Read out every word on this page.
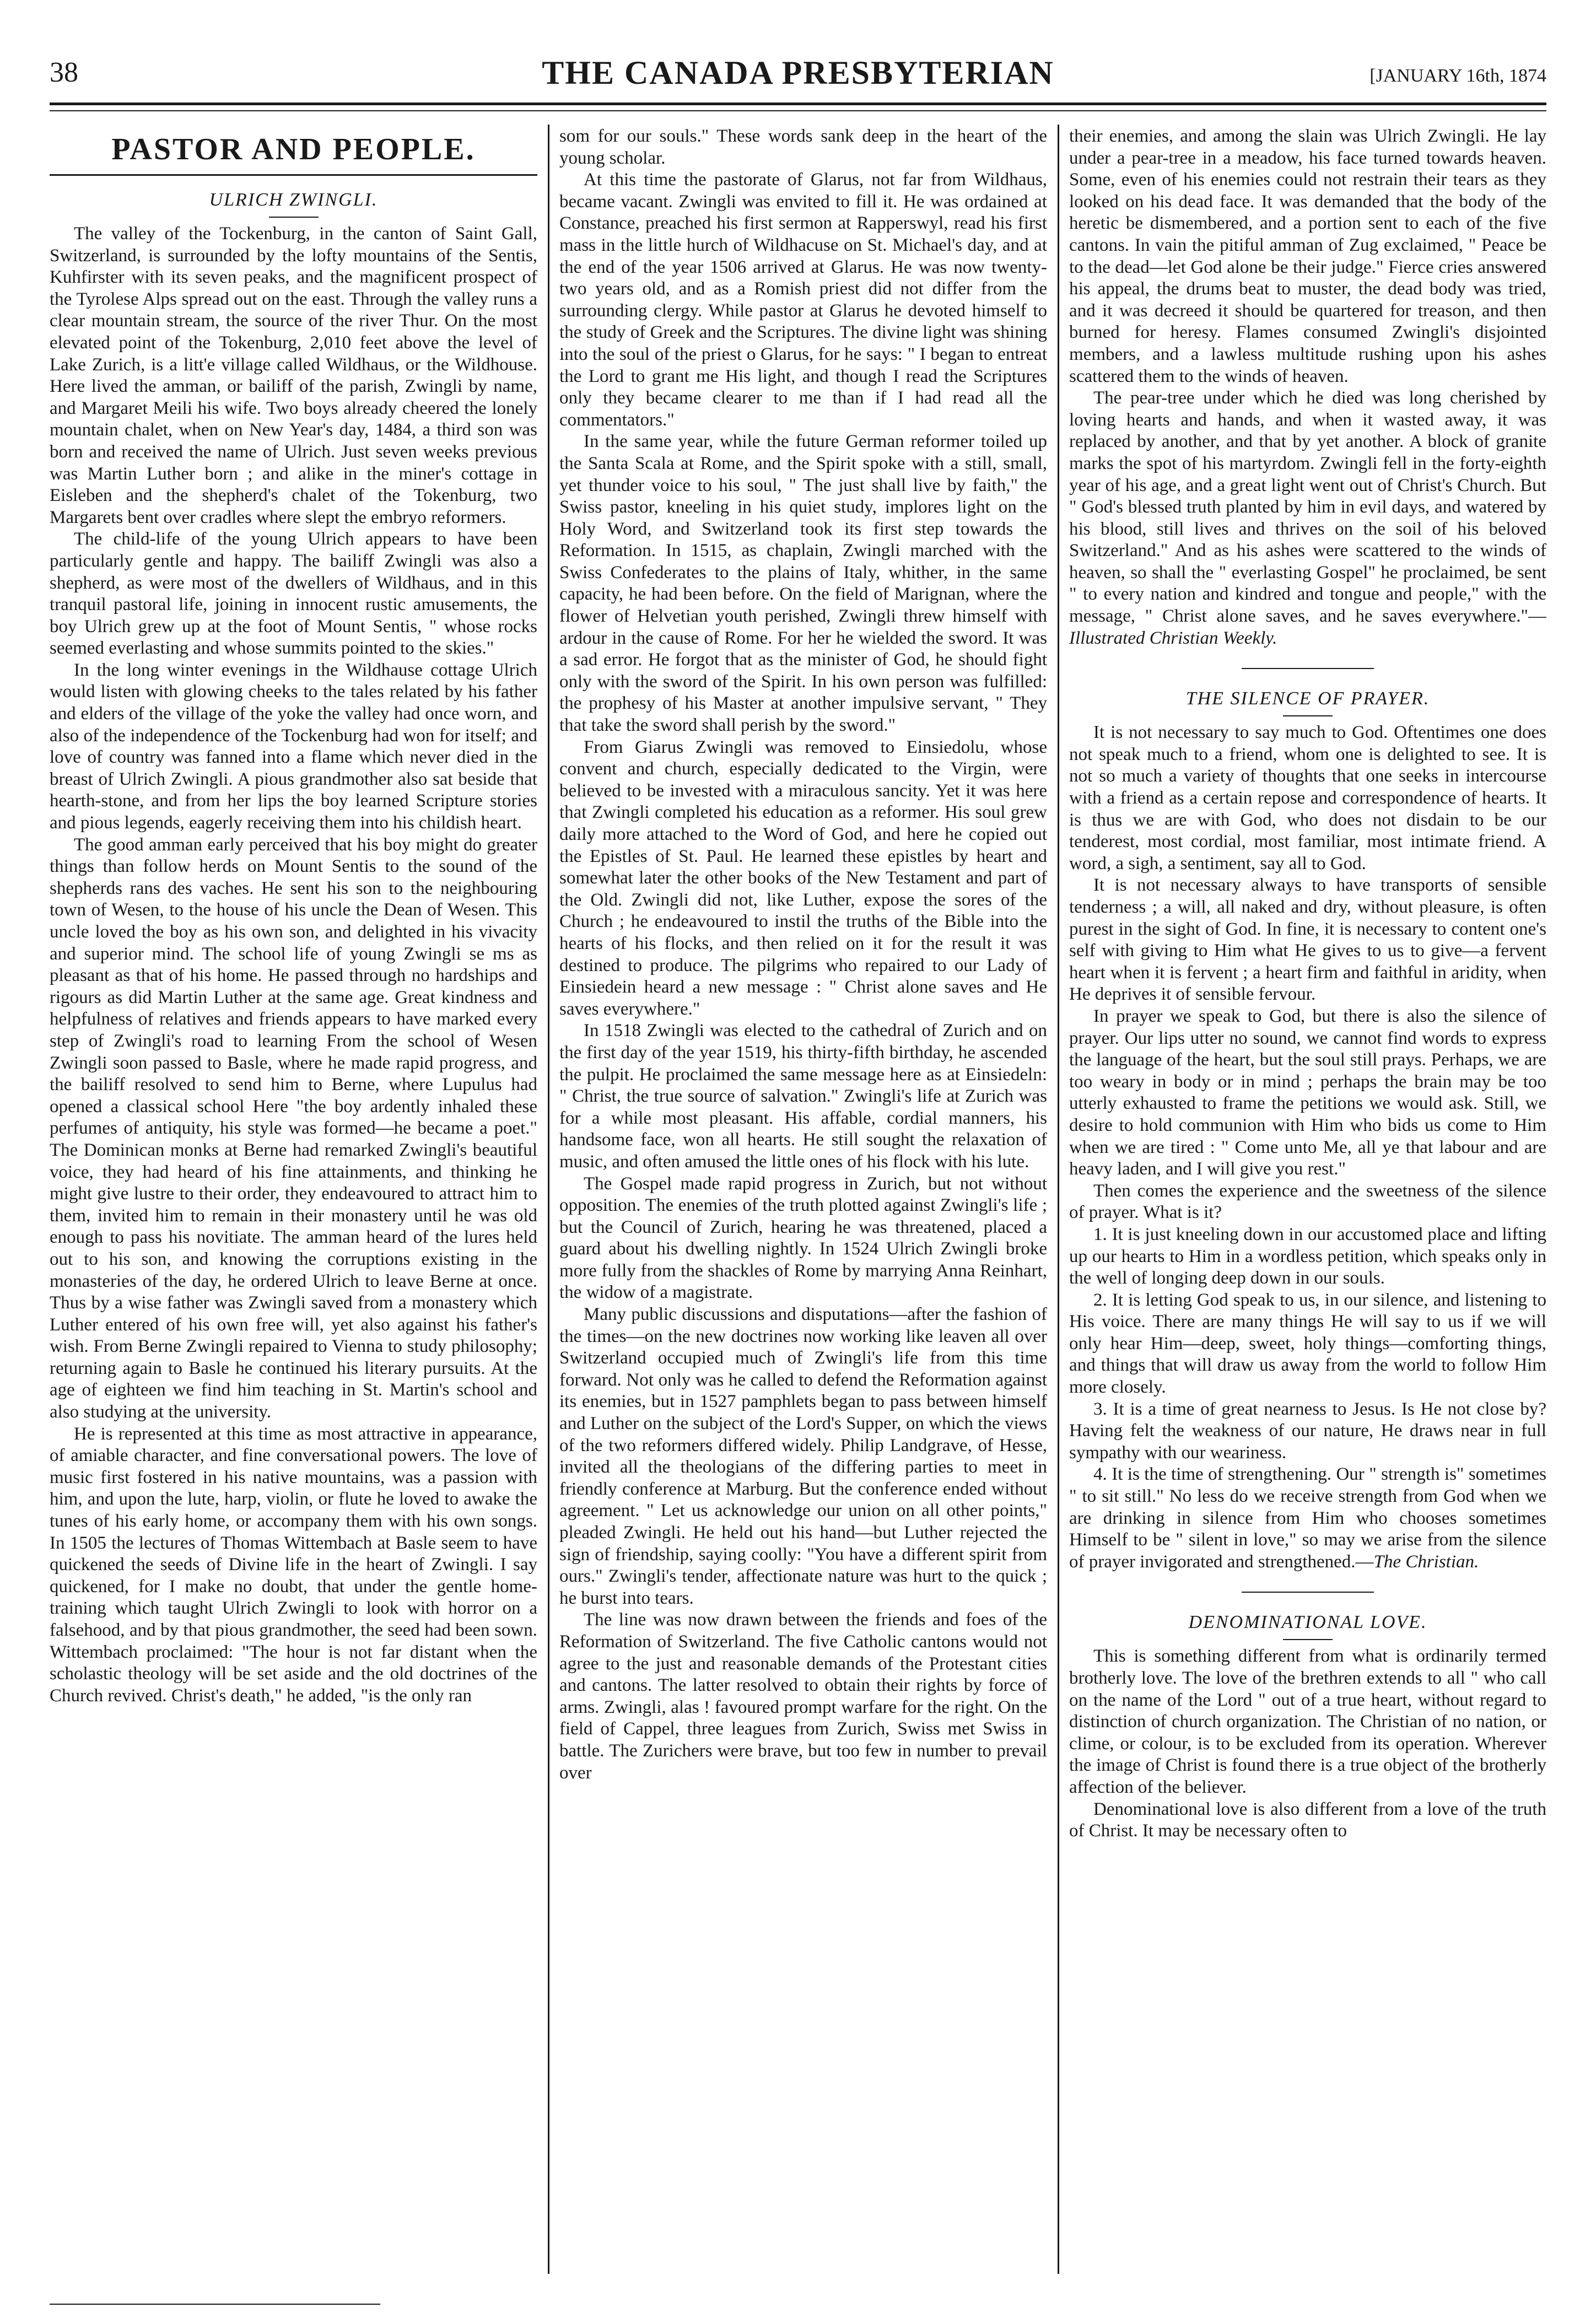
38	THE CANADA PRESBYTERIAN	[JANUARY 16th, 1874
PASTOR AND PEOPLE.
ULRICH ZWINGLI.

The valley of the Tockenburg, in the canton of Saint Gall, Switzerland, is surrounded by the lofty mountains of the Sentis, Kuhfirster with its seven peaks, and the magnificent prospect of the Tyrolese Alps spread out on the east. Through the valley runs a clear mountain stream, the source of the river Thur. On the most elevated point of the Tokenburg, 2,010 feet above the level of Lake Zurich, is a litt'e village called Wildhaus, or the Wildhouse. Here lived the amman, or bailiff of the parish, Zwingli by name, and Margaret Meili his wife. Two boys already cheered the lonely mountain chalet, when on New Year's day, 1484, a third son was born and received the name of Ulrich. Just seven weeks previous was Martin Luther born ; and alike in the miner's cottage in Eisleben and the shepherd's chalet of the Tokenburg, two Margarets bent over cradles where slept the embryo reformers.

The child-life of the young Ulrich appears to have been particularly gentle and happy. The bailiff Zwingli was also a shepherd, as were most of the dwellers of Wildhaus, and in this tranquil pastoral life, joining in innocent rustic amusements, the boy Ulrich grew up at the foot of Mount Sentis, " whose rocks seemed everlasting and whose summits pointed to the skies."

In the long winter evenings in the Wildhause cottage Ulrich would listen with glowing cheeks to the tales related by his father and elders of the village of the yoke the valley had once worn, and also of the independence of the Tockenburg had won for itself; and love of country was fanned into a flame which never died in the breast of Ulrich Zwingli. A pious grandmother also sat beside that hearth-stone, and from her lips the boy learned Scripture stories and pious legends, eagerly receiving them into his childish heart.

The good amman early perceived that his boy might do greater things than follow herds on Mount Sentis to the sound of the shepherds rans des vaches. He sent his son to the neighbouring town of Wesen, to the house of his uncle the Dean of Wesen. This uncle loved the boy as his own son, and delighted in his vivacity and superior mind. The school life of young Zwingli se ms as pleasant as that of his home. He passed through no hardships and rigours as did Martin Luther at the same age. Great kindness and helpfulness of relatives and friends appears to have marked every step of Zwingli's road to learning From the school of Wesen Zwingli soon passed to Basle, where he made rapid progress, and the bailiff resolved to send him to Berne, where Lupulus had opened a classical school Here "the boy ardently inhaled these perfumes of antiquity, his style was formed—he became a poet." The Dominican monks at Berne had remarked Zwingli's beautiful voice, they had heard of his fine attainments, and thinking he might give lustre to their order, they endeavoured to attract him to them, invited him to remain in their monastery until he was old enough to pass his novitiate. The amman heard of the lures held out to his son, and knowing the corruptions existing in the monasteries of the day, he ordered Ulrich to leave Berne at once. Thus by a wise father was Zwingli saved from a monastery which Luther entered of his own free will, yet also against his father's wish. From Berne Zwingli repaired to Vienna to study philosophy; returning again to Basle he continued his literary pursuits. At the age of eighteen we find him teaching in St. Martin's school and also studying at the university.

He is represented at this time as most attractive in appearance, of amiable character, and fine conversational powers. The love of music first fostered in his native mountains, was a passion with him, and upon the lute, harp, violin, or flute he loved to awake the tunes of his early home, or accompany them with his own songs. In 1505 the lectures of Thomas Wittembach at Basle seem to have quickened the seeds of Divine life in the heart of Zwingli. I say quickened, for I make no doubt, that under the gentle home-training which taught Ulrich Zwingli to look with horror on a falsehood, and by that pious grandmother, the seed had been sown. Wittembach proclaimed: "The hour is not far distant when the scholastic theology will be set aside and the old doctrines of the Church revived. Christ's death," he added, "is the only ran

som for our souls." These words sank deep in the heart of the young scholar.

At this time the pastorate of Glarus, not far from Wildhaus, became vacant. Zwingli was envited to fill it. He was ordained at Constance, preached his first sermon at Rapperswyl, read his first mass in the little hurch of Wildhacuse on St. Michael's day, and at the end of the year 1506 arrived at Glarus. He was now twenty-two years old, and as a Romish priest did not differ from the surrounding clergy. While pastor at Glarus he devoted himself to the study of Greek and the Scriptures. The divine light was shining into the soul of the priest o Glarus, for he says: " I began to entreat the Lord to grant me His light, and though I read the Scriptures only they became clearer to me than if I had read all the commentators."

In the same year, while the future German reformer toiled up the Santa Scala at Rome, and the Spirit spoke with a still, small, yet thunder voice to his soul, " The just shall live by faith," the Swiss pastor, kneeling in his quiet study, implores light on the Holy Word, and Switzerland took its first step towards the Reformation. In 1515, as chaplain, Zwingli marched with the Swiss Confederates to the plains of Italy, whither, in the same capacity, he had been before. On the field of Marignan, where the flower of Helvetian youth perished, Zwingli threw himself with ardour in the cause of Rome. For her he wielded the sword. It was a sad error. He forgot that as the minister of God, he should fight only with the sword of the Spirit. In his own person was fulfilled: the prophesy of his Master at another impulsive servant, " They that take the sword shall perish by the sword."

From Giarus Zwingli was removed to Einsiedolu, whose convent and church, especially dedicated to the Virgin, were believed to be invested with a miraculous sancity. Yet it was here that Zwingli completed his education as a reformer. His soul grew daily more attached to the Word of God, and here he copied out the Epistles of St. Paul. He learned these epistles by heart and somewhat later the other books of the New Testament and part of the Old. Zwingli did not, like Luther, expose the sores of the Church ; he endeavoured to instil the truths of the Bible into the hearts of his flocks, and then relied on it for the result it was destined to produce. The pilgrims who repaired to our Lady of Einsiedein heard a new message : " Christ alone saves and He saves everywhere."

In 1518 Zwingli was elected to the cathedral of Zurich and on the first day of the year 1519, his thirty-fifth birthday, he ascended the pulpit. He proclaimed the same message here as at Einsiedeln: " Christ, the true source of salvation." Zwingli's life at Zurich was for a while most pleasant. His affable, cordial manners, his handsome face, won all hearts. He still sought the relaxation of music, and often amused the little ones of his flock with his lute.

The Gospel made rapid progress in Zurich, but not without opposition. The enemies of the truth plotted against Zwingli's life ; but the Council of Zurich, hearing he was threatened, placed a guard about his dwelling nightly. In 1524 Ulrich Zwingli broke more fully from the shackles of Rome by marrying Anna Reinhart, the widow of a magistrate.

Many public discussions and disputations—after the fashion of the times—on the new doctrines now working like leaven all over Switzerland occupied much of Zwingli's life from this time forward. Not only was he called to defend the Reformation against its enemies, but in 1527 pamphlets began to pass between himself and Luther on the subject of the Lord's Supper, on which the views of the two reformers differed widely. Philip Landgrave, of Hesse, invited all the theologians of the differing parties to meet in friendly conference at Marburg. But the conference ended without agreement. " Let us acknowledge our union on all other points," pleaded Zwingli. He held out his hand—but Luther rejected the sign of friendship, saying coolly: "You have a different spirit from ours." Zwingli's tender, affectionate nature was hurt to the quick ; he burst into tears.

The line was now drawn between the friends and foes of the Reformation of Switzerland. The five Catholic cantons would not agree to the just and reasonable demands of the Protestant cities and cantons. The latter resolved to obtain their rights by force of arms. Zwingli, alas ! favoured prompt warfare for the right. On the field of Cappel, three leagues from Zurich, Swiss met Swiss in battle. The Zurichers were brave, but too few in number to prevail over

their enemies, and among the slain was Ulrich Zwingli. He lay under a pear-tree in a meadow, his face turned towards heaven. Some, even of his enemies could not restrain their tears as they looked on his dead face. It was demanded that the body of the heretic be dismembered, and a portion sent to each of the five cantons. In vain the pitiful amman of Zug exclaimed, " Peace be to the dead—let God alone be their judge." Fierce cries answered his appeal, the drums beat to muster, the dead body was tried, and it was decreed it should be quartered for treason, and then burned for heresy. Flames consumed Zwingli's disjointed members, and a lawless multitude rushing upon his ashes scattered them to the winds of heaven.

The pear-tree under which he died was long cherished by loving hearts and hands, and when it wasted away, it was replaced by another, and that by yet another. A block of granite marks the spot of his martyrdom. Zwingli fell in the forty-eighth year of his age, and a great light went out of Christ's Church. But " God's blessed truth planted by him in evil days, and watered by his blood, still lives and thrives on the soil of his beloved Switzerland." And as his ashes were scattered to the winds of heaven, so shall the " everlasting Gospel" he proclaimed, be sent " to every nation and kindred and tongue and people," with the message, " Christ alone saves, and he saves everywhere."—Illustrated Christian Weekly.

THE SILENCE OF PRAYER.

It is not necessary to say much to God. Oftentimes one does not speak much to a friend, whom one is delighted to see. It is not so much a variety of thoughts that one seeks in intercourse with a friend as a certain repose and correspondence of hearts. It is thus we are with God, who does not disdain to be our tenderest, most cordial, most familiar, most intimate friend. A word, a sigh, a sentiment, say all to God.

It is not necessary always to have transports of sensible tenderness ; a will, all naked and dry, without pleasure, is often purest in the sight of God. In fine, it is necessary to content one's self with giving to Him what He gives to us to give—a fervent heart when it is fervent ; a heart firm and faithful in aridity, when He deprives it of sensible fervour.

In prayer we speak to God, but there is also the silence of prayer. Our lips utter no sound, we cannot find words to express the language of the heart, but the soul still prays. Perhaps, we are too weary in body or in mind ; perhaps the brain may be too utterly exhausted to frame the petitions we would ask. Still, we desire to hold communion with Him who bids us come to Him when we are tired : " Come unto Me, all ye that labour and are heavy laden, and I will give you rest."

Then comes the experience and the sweetness of the silence of prayer. What is it?

1. It is just kneeling down in our accustomed place and lifting up our hearts to Him in a wordless petition, which speaks only in the well of longing deep down in our souls.

2. It is letting God speak to us, in our silence, and listening to His voice. There are many things He will say to us if we will only hear Him—deep, sweet, holy things—comforting things, and things that will draw us away from the world to follow Him more closely.

3. It is a time of great nearness to Jesus. Is He not close by? Having felt the weakness of our nature, He draws near in full sympathy with our weariness.

4. It is the time of strengthening. Our " strength is" sometimes " to sit still." No less do we receive strength from God when we are drinking in silence from Him who chooses sometimes Himself to be " silent in love," so may we arise from the silence of prayer invigorated and strengthened.—The Christian.

DENOMINATIONAL LOVE.

This is something different from what is ordinarily termed brotherly love. The love of the brethren extends to all " who call on the name of the Lord " out of a true heart, without regard to distinction of church organization. The Christian of no nation, or clime, or colour, is to be excluded from its operation. Wherever the image of Christ is found there is a true object of the brotherly affection of the believer.

Denominational love is also different from a love of the truth of Christ. It may be necessary often to
